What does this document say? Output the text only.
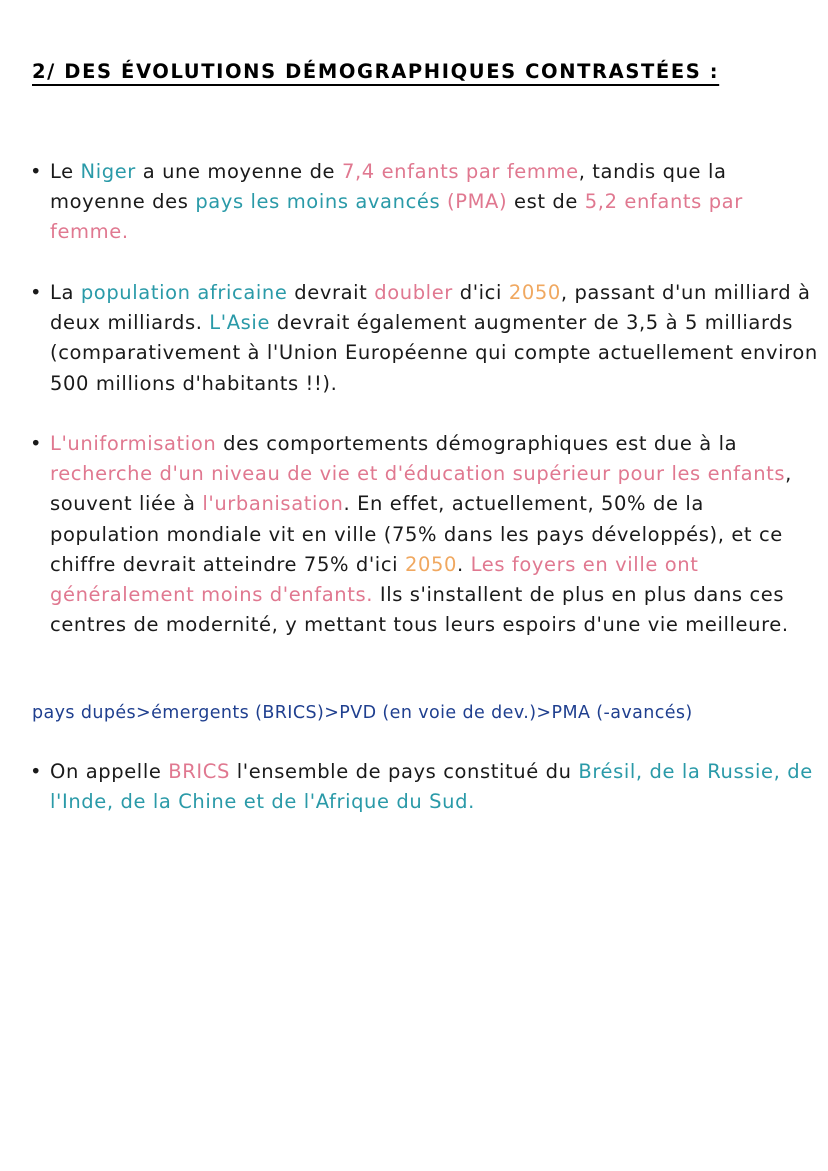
2/ DES ÉVOLUTIONS DÉMOGRAPHIQUES CONTRASTÉES :

• Le Niger a une moyenne de 7,4 enfants par femme, tandis que la moyenne des pays les moins avancés (PMA) est de 5,2 enfants par femme.

• La population africaine devrait doubler d'ici 2050, passant d'un milliard à deux milliards. L'Asie devrait également augmenter de 3,5 à 5 milliards (comparativement à l'Union Européenne qui compte actuellement environ 500 millions d'habitants !!).

• L'uniformisation des comportements démographiques est due à la recherche d'un niveau de vie et d'éducation supérieur pour les enfants, souvent liée à l'urbanisation. En effet, actuellement, 50% de la population mondiale vit en ville (75% dans les pays développés), et ce chiffre devrait atteindre 75% d'ici 2050. Les foyers en ville ont généralement moins d'enfants. Ils s'installent de plus en plus dans ces centres de modernité, y mettant tous leurs espoirs d'une vie meilleure.

pays dupés>émergents (BRICS)>PVD (en voie de dev.)>PMA (-avancés)

• On appelle BRICS l'ensemble de pays constitué du Brésil, de la Russie, de l'Inde, de la Chine et de l'Afrique du Sud.
